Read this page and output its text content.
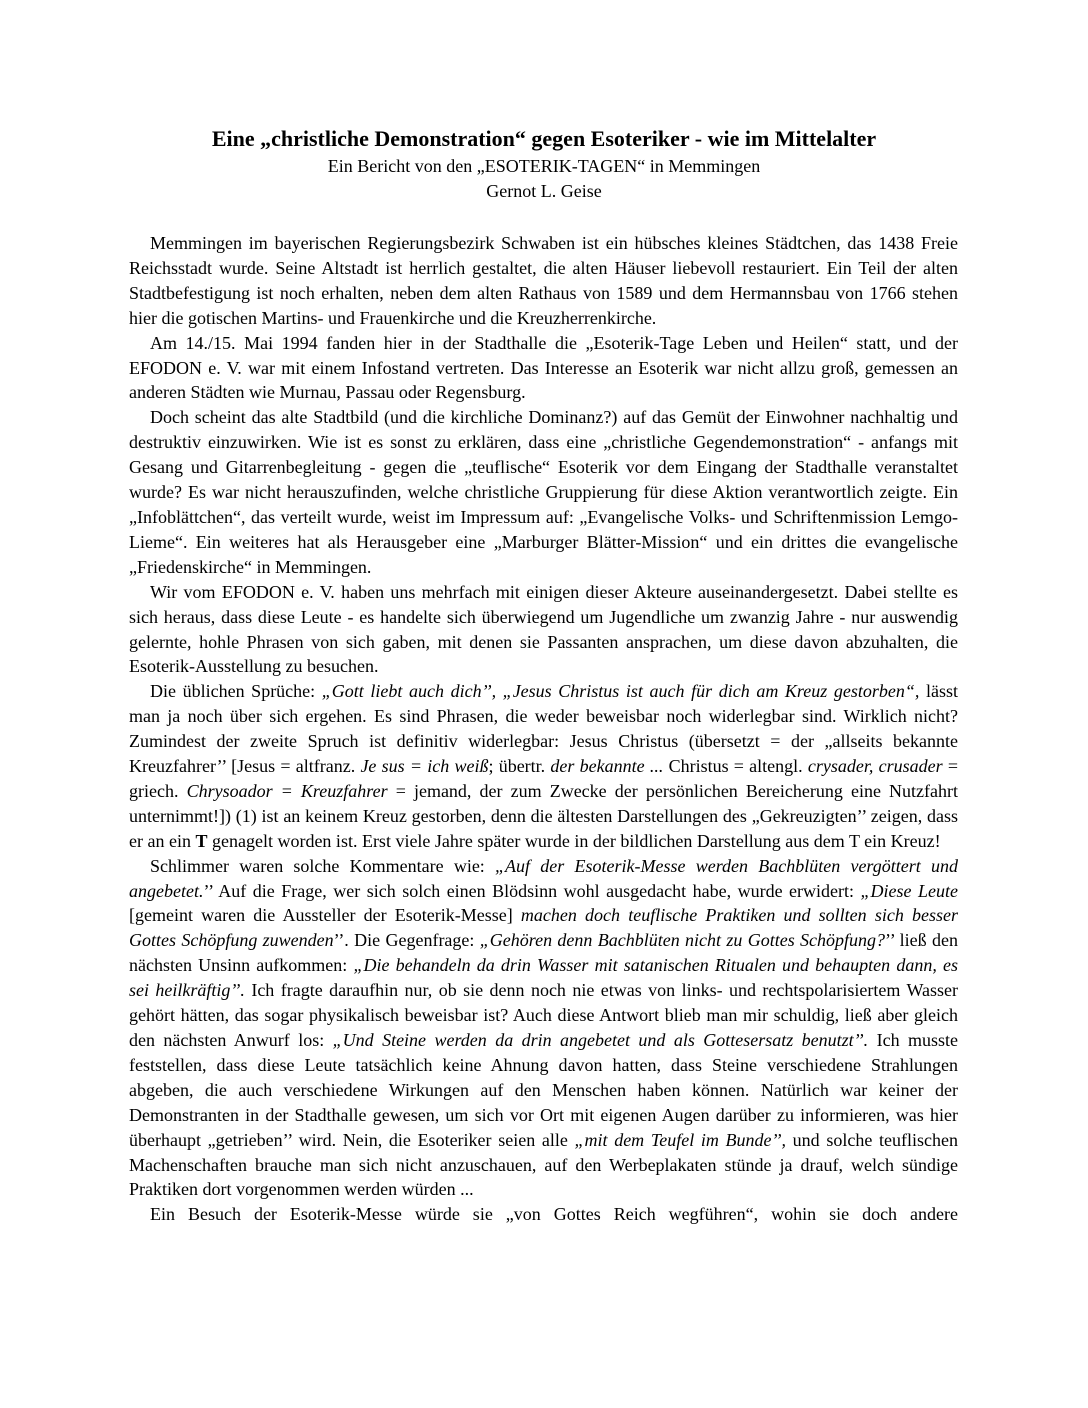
Eine „christliche Demonstration“ gegen Esoteriker - wie im Mittelalter
Ein Bericht von den „ESOTERIK-TAGEN“ in Memmingen
Gernot L. Geise

Memmingen im bayerischen Regierungsbezirk Schwaben ist ein hübsches kleines Städtchen, das 1438 Freie Reichsstadt wurde. Seine Altstadt ist herrlich gestaltet, die alten Häuser liebevoll restauriert. Ein Teil der alten Stadtbefestigung ist noch erhalten, neben dem alten Rathaus von 1589 und dem Hermannsbau von 1766 stehen hier die gotischen Martins- und Frauenkirche und die Kreuzherrenkirche.

Am 14./15. Mai 1994 fanden hier in der Stadthalle die „Esoterik-Tage Leben und Heilen“ statt, und der EFODON e. V. war mit einem Infostand vertreten. Das Interesse an Esoterik war nicht allzu groß, gemessen an anderen Städten wie Murnau, Passau oder Regensburg.

Doch scheint das alte Stadtbild (und die kirchliche Dominanz?) auf das Gemüt der Einwohner nachhaltig und destruktiv einzuwirken. Wie ist es sonst zu erklären, dass eine „christliche Gegendemonstration“ - anfangs mit Gesang und Gitarrenbegleitung - gegen die „teuflische“ Esoterik vor dem Eingang der Stadthalle veranstaltet wurde? Es war nicht herauszufinden, welche christliche Gruppierung für diese Aktion verantwortlich zeigte. Ein „Infoblättchen“, das verteilt wurde, weist im Impressum auf: „Evangelische Volks- und Schriftenmission Lemgo-Lieme“. Ein weiteres hat als Herausgeber eine „Marburger Blätter-Mission“ und ein drittes die evangelische „Friedenskirche“ in Memmingen.

Wir vom EFODON e. V. haben uns mehrfach mit einigen dieser Akteure auseinandergesetzt. Dabei stellte es sich heraus, dass diese Leute - es handelte sich überwiegend um Jugendliche um zwanzig Jahre - nur auswendig gelernte, hohle Phrasen von sich gaben, mit denen sie Passanten ansprachen, um diese davon abzuhalten, die Esoterik-Ausstellung zu besuchen.

Die üblichen Sprüche: „Gott liebt auch dich’’, „Jesus Christus ist auch für dich am Kreuz gestorben“, lässt man ja noch über sich ergehen. Es sind Phrasen, die weder beweisbar noch widerlegbar sind. Wirklich nicht? Zumindest der zweite Spruch ist definitiv widerlegbar: Jesus Christus (übersetzt = der „allseits bekannte Kreuzfahrer’’ [Jesus = altfranz. Je sus = ich weiß; übertr. der bekannte ... Christus = altengl. crysader, crusader = griech. Chrysoador = Kreuzfahrer = jemand, der zum Zwecke der persönlichen Bereicherung eine Nutzfahrt unternimmt!]) (1) ist an keinem Kreuz gestorben, denn die ältesten Darstellungen des „Gekreuzigten’’ zeigen, dass er an ein T genagelt worden ist. Erst viele Jahre später wurde in der bildlichen Darstellung aus dem T ein Kreuz!

Schlimmer waren solche Kommentare wie: „Auf der Esoterik-Messe werden Bachblüten vergöttert und angebetet.’’ Auf die Frage, wer sich solch einen Blödsinn wohl ausgedacht habe, wurde erwidert: „Diese Leute [gemeint waren die Aussteller der Esoterik-Messe] machen doch teuflische Praktiken und sollten sich besser Gottes Schöpfung zuwenden’’. Die Gegenfrage: „Gehören denn Bachblüten nicht zu Gottes Schöpfung?’’ ließ den nächsten Unsinn aufkommen: „Die behandeln da drin Wasser mit satanischen Ritualen und behaupten dann, es sei heilkräftig’’. Ich fragte daraufhin nur, ob sie denn noch nie etwas von links- und rechtspolarisiertem Wasser gehört hätten, das sogar physikalisch beweisbar ist? Auch diese Antwort blieb man mir schuldig, ließ aber gleich den nächsten Anwurf los: „Und Steine werden da drin angebetet und als Gottesersatz benutzt’’. Ich musste feststellen, dass diese Leute tatsächlich keine Ahnung davon hatten, dass Steine verschiedene Strahlungen abgeben, die auch verschiedene Wirkungen auf den Menschen haben können. Natürlich war keiner der Demonstranten in der Stadthalle gewesen, um sich vor Ort mit eigenen Augen darüber zu informieren, was hier überhaupt „getrieben’’ wird. Nein, die Esoteriker seien alle „mit dem Teufel im Bunde’’, und solche teuflischen Machenschaften brauche man sich nicht anzuschauen, auf den Werbeplakaten stünde ja drauf, welch sündige Praktiken dort vorgenommen werden würden ...

Ein Besuch der Esoterik-Messe würde sie „von Gottes Reich wegführen“, wohin sie doch andere
